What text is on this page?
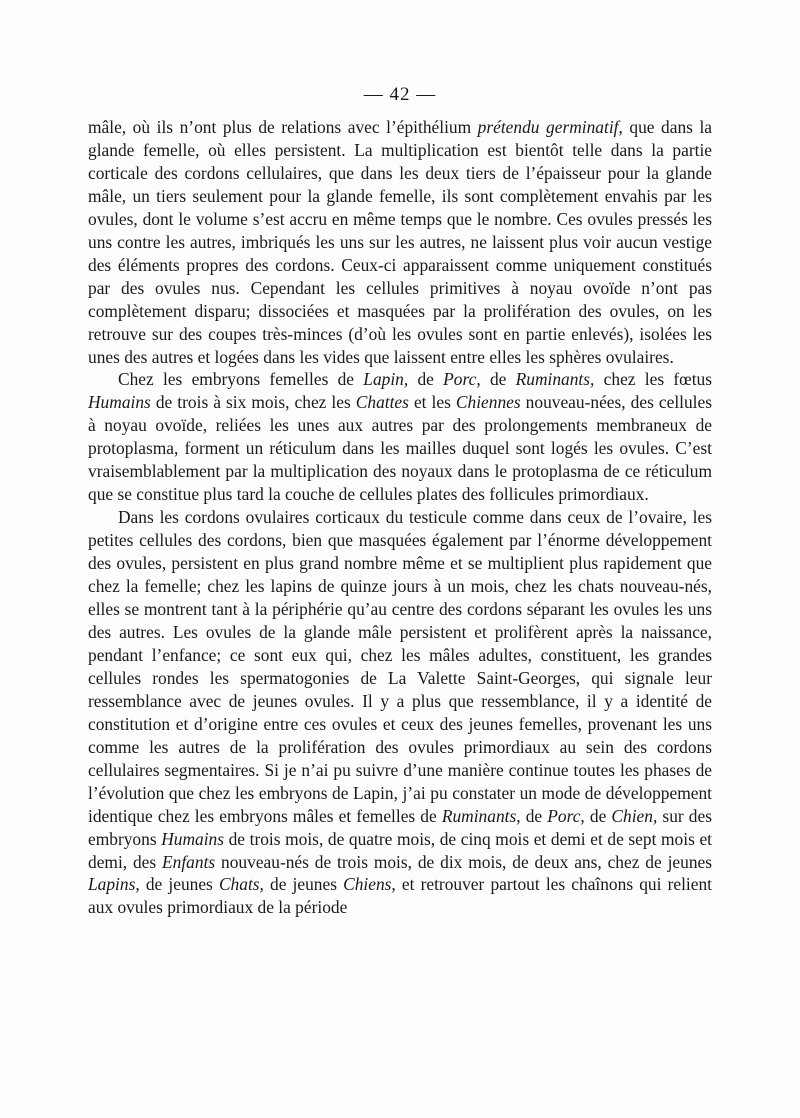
— 42 —

mâle, où ils n’ont plus de relations avec l’épithélium prétendu germinatif, que dans la glande femelle, où elles persistent. La multiplication est bientôt telle dans la partie corticale des cordons cellulaires, que dans les deux tiers de l’épaisseur pour la glande mâle, un tiers seulement pour la glande femelle, ils sont complètement envahis par les ovules, dont le volume s’est accru en même temps que le nombre. Ces ovules pressés les uns contre les autres, imbriqués les uns sur les autres, ne laissent plus voir aucun vestige des éléments propres des cordons. Ceux-ci apparaissent comme uniquement constitués par des ovules nus. Cependant les cellules primitives à noyau ovoïde n’ont pas complètement disparu; dissociées et masquées par la prolifération des ovules, on les retrouve sur des coupes très-minces (d’où les ovules sont en partie enlevés), isolées les unes des autres et logées dans les vides que laissent entre elles les sphères ovulaires.

Chez les embryons femelles de Lapin, de Porc, de Ruminants, chez les fœtus Humains de trois à six mois, chez les Chattes et les Chiennes nouveau-nées, des cellules à noyau ovoïde, reliées les unes aux autres par des prolongements membraneux de protoplasma, forment un réticulum dans les mailles duquel sont logés les ovules. C’est vraisemblablement par la multiplication des noyaux dans le protoplasma de ce réticulum que se constitue plus tard la couche de cellules plates des follicules primordiaux.

Dans les cordons ovulaires corticaux du testicule comme dans ceux de l’ovaire, les petites cellules des cordons, bien que masquées également par l’énorme développement des ovules, persistent en plus grand nombre même et se multiplient plus rapidement que chez la femelle; chez les lapins de quinze jours à un mois, chez les chats nouveau-nés, elles se montrent tant à la périphérie qu’au centre des cordons séparant les ovules les uns des autres. Les ovules de la glande mâle persistent et prolifèrent après la naissance, pendant l’enfance; ce sont eux qui, chez les mâles adultes, constituent, les grandes cellules rondes les spermatogonies de La Valette Saint-Georges, qui signale leur ressemblance avec de jeunes ovules. Il y a plus que ressemblance, il y a identité de constitution et d’origine entre ces ovules et ceux des jeunes femelles, provenant les uns comme les autres de la prolifération des ovules primordiaux au sein des cordons cellulaires segmentaires. Si je n’ai pu suivre d’une manière continue toutes les phases de l’évolution que chez les embryons de Lapin, j’ai pu constater un mode de développement identique chez les embryons mâles et femelles de Ruminants, de Porc, de Chien, sur des embryons Humains de trois mois, de quatre mois, de cinq mois et demi et de sept mois et demi, des Enfants nouveau-nés de trois mois, de dix mois, de deux ans, chez de jeunes Lapins, de jeunes Chats, de jeunes Chiens, et retrouver partout les chaînons qui relient aux ovules primordiaux de la période
